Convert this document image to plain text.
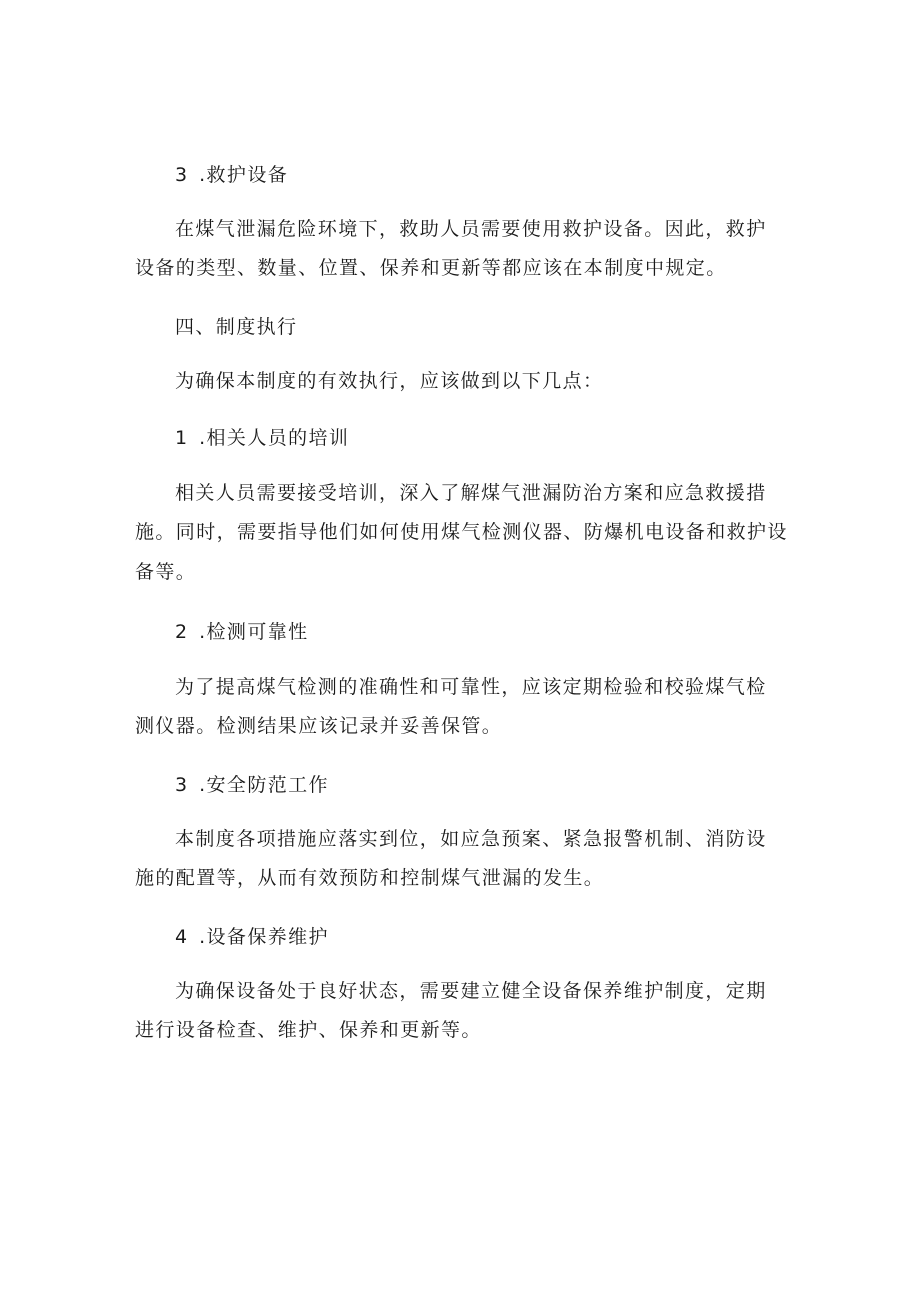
3 .救护设备
在煤气泄漏危险环境下，救助人员需要使用救护设备。因此，救护
设备的类型、数量、位置、保养和更新等都应该在本制度中规定。
四、制度执行
为确保本制度的有效执行，应该做到以下几点：
1 .相关人员的培训
相关人员需要接受培训，深入了解煤气泄漏防治方案和应急救援措
施。同时，需要指导他们如何使用煤气检测仪器、防爆机电设备和救护设
备等。
2 .检测可靠性
为了提高煤气检测的准确性和可靠性，应该定期检验和校验煤气检
测仪器。检测结果应该记录并妥善保管。
3 .安全防范工作
本制度各项措施应落实到位，如应急预案、紧急报警机制、消防设
施的配置等，从而有效预防和控制煤气泄漏的发生。
4 .设备保养维护
为确保设备处于良好状态，需要建立健全设备保养维护制度，定期
进行设备检查、维护、保养和更新等。
